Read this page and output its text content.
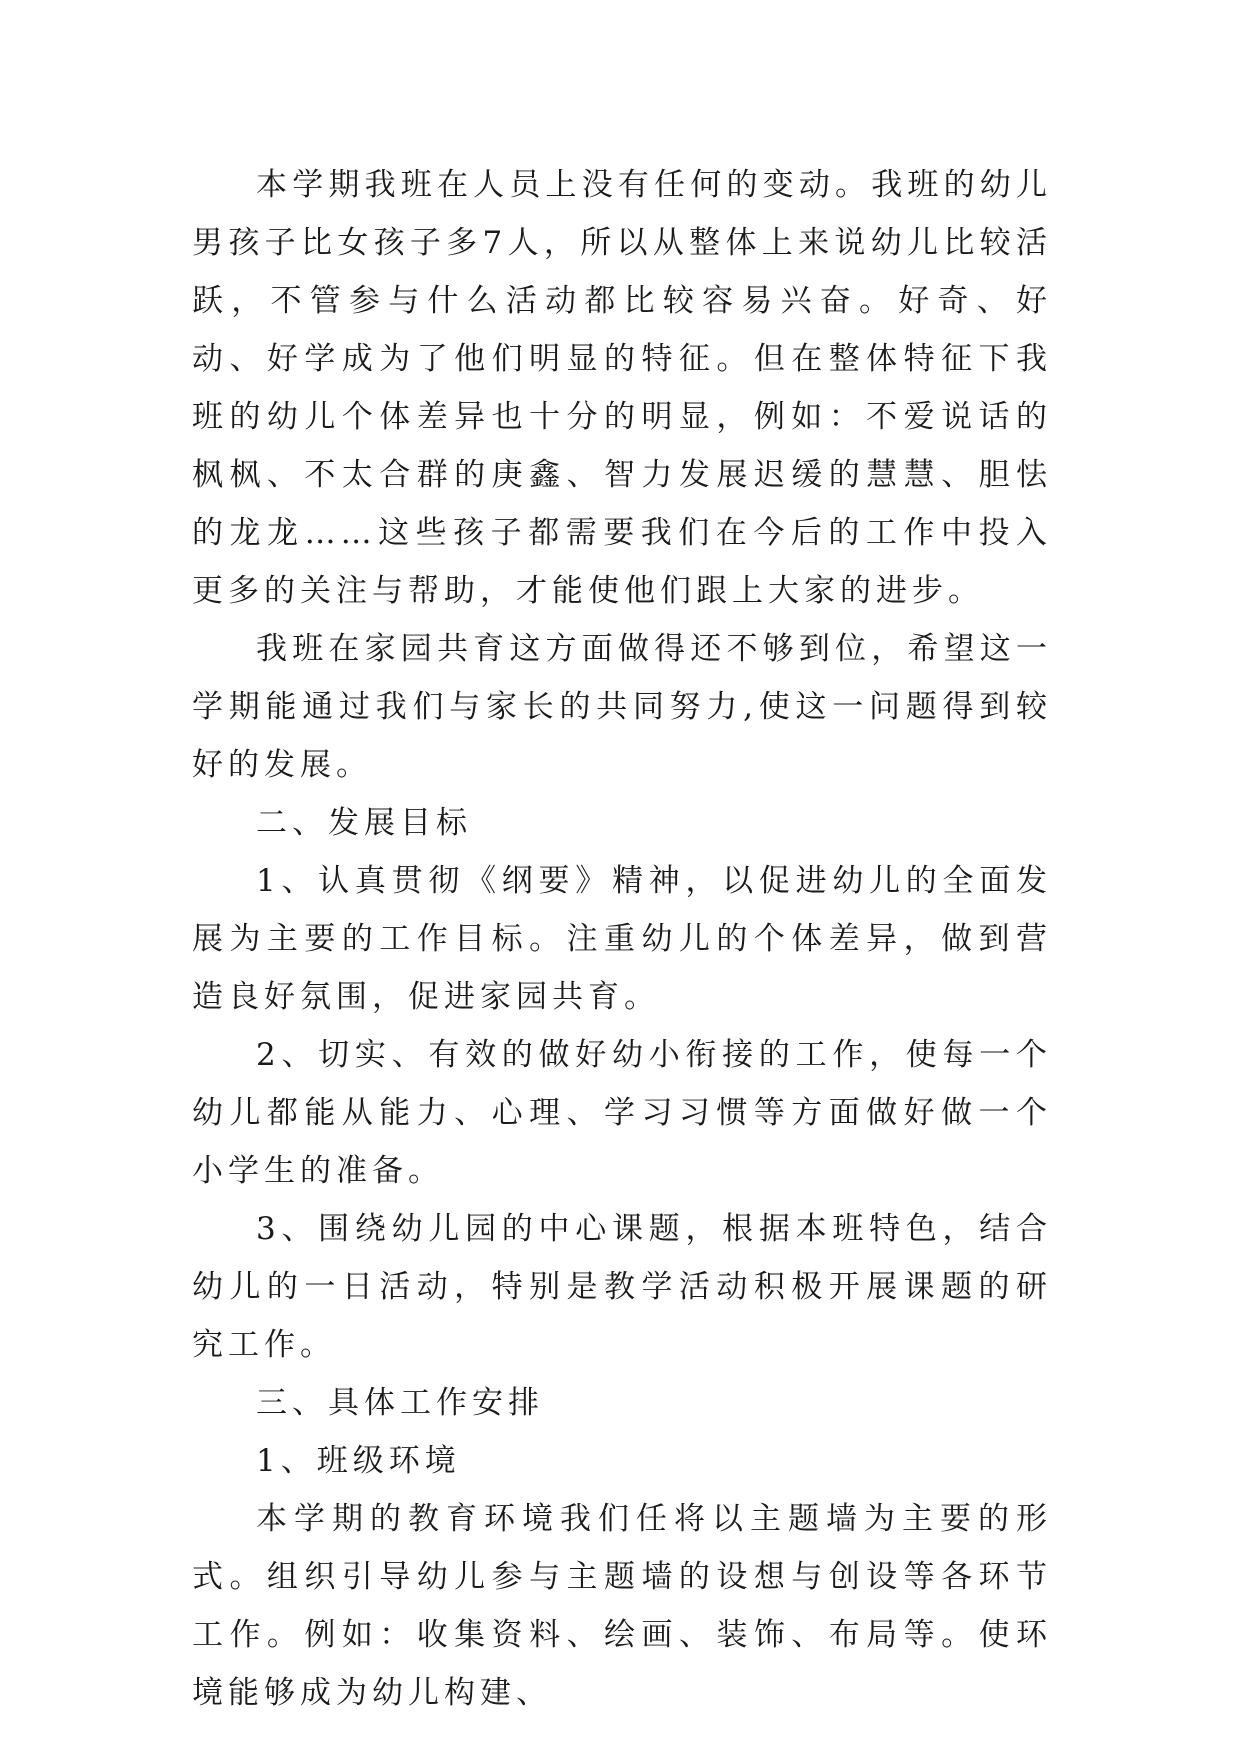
本学期我班在人员上没有任何的变动。我班的幼儿男孩子比女孩子多7人，所以从整体上来说幼儿比较活跃，不管参与什么活动都比较容易兴奋。好奇、好动、好学成为了他们明显的特征。但在整体特征下我班的幼儿个体差异也十分的明显，例如：不爱说话的枫枫、不太合群的庚鑫、智力发展迟缓的慧慧、胆怯的龙龙……这些孩子都需要我们在今后的工作中投入更多的关注与帮助，才能使他们跟上大家的进步。

我班在家园共育这方面做得还不够到位，希望这一学期能通过我们与家长的共同努力,使这一问题得到较好的发展。

二、发展目标

1、认真贯彻《纲要》精神，以促进幼儿的全面发展为主要的工作目标。注重幼儿的个体差异，做到营造良好氛围，促进家园共育。

2、切实、有效的做好幼小衔接的工作，使每一个幼儿都能从能力、心理、学习习惯等方面做好做一个小学生的准备。

3、围绕幼儿园的中心课题，根据本班特色，结合幼儿的一日活动，特别是教学活动积极开展课题的研究工作。

三、具体工作安排

1、班级环境

本学期的教育环境我们任将以主题墙为主要的形式。组织引导幼儿参与主题墙的设想与创设等各环节工作。例如：收集资料、绘画、装饰、布局等。使环境能够成为幼儿构建、
